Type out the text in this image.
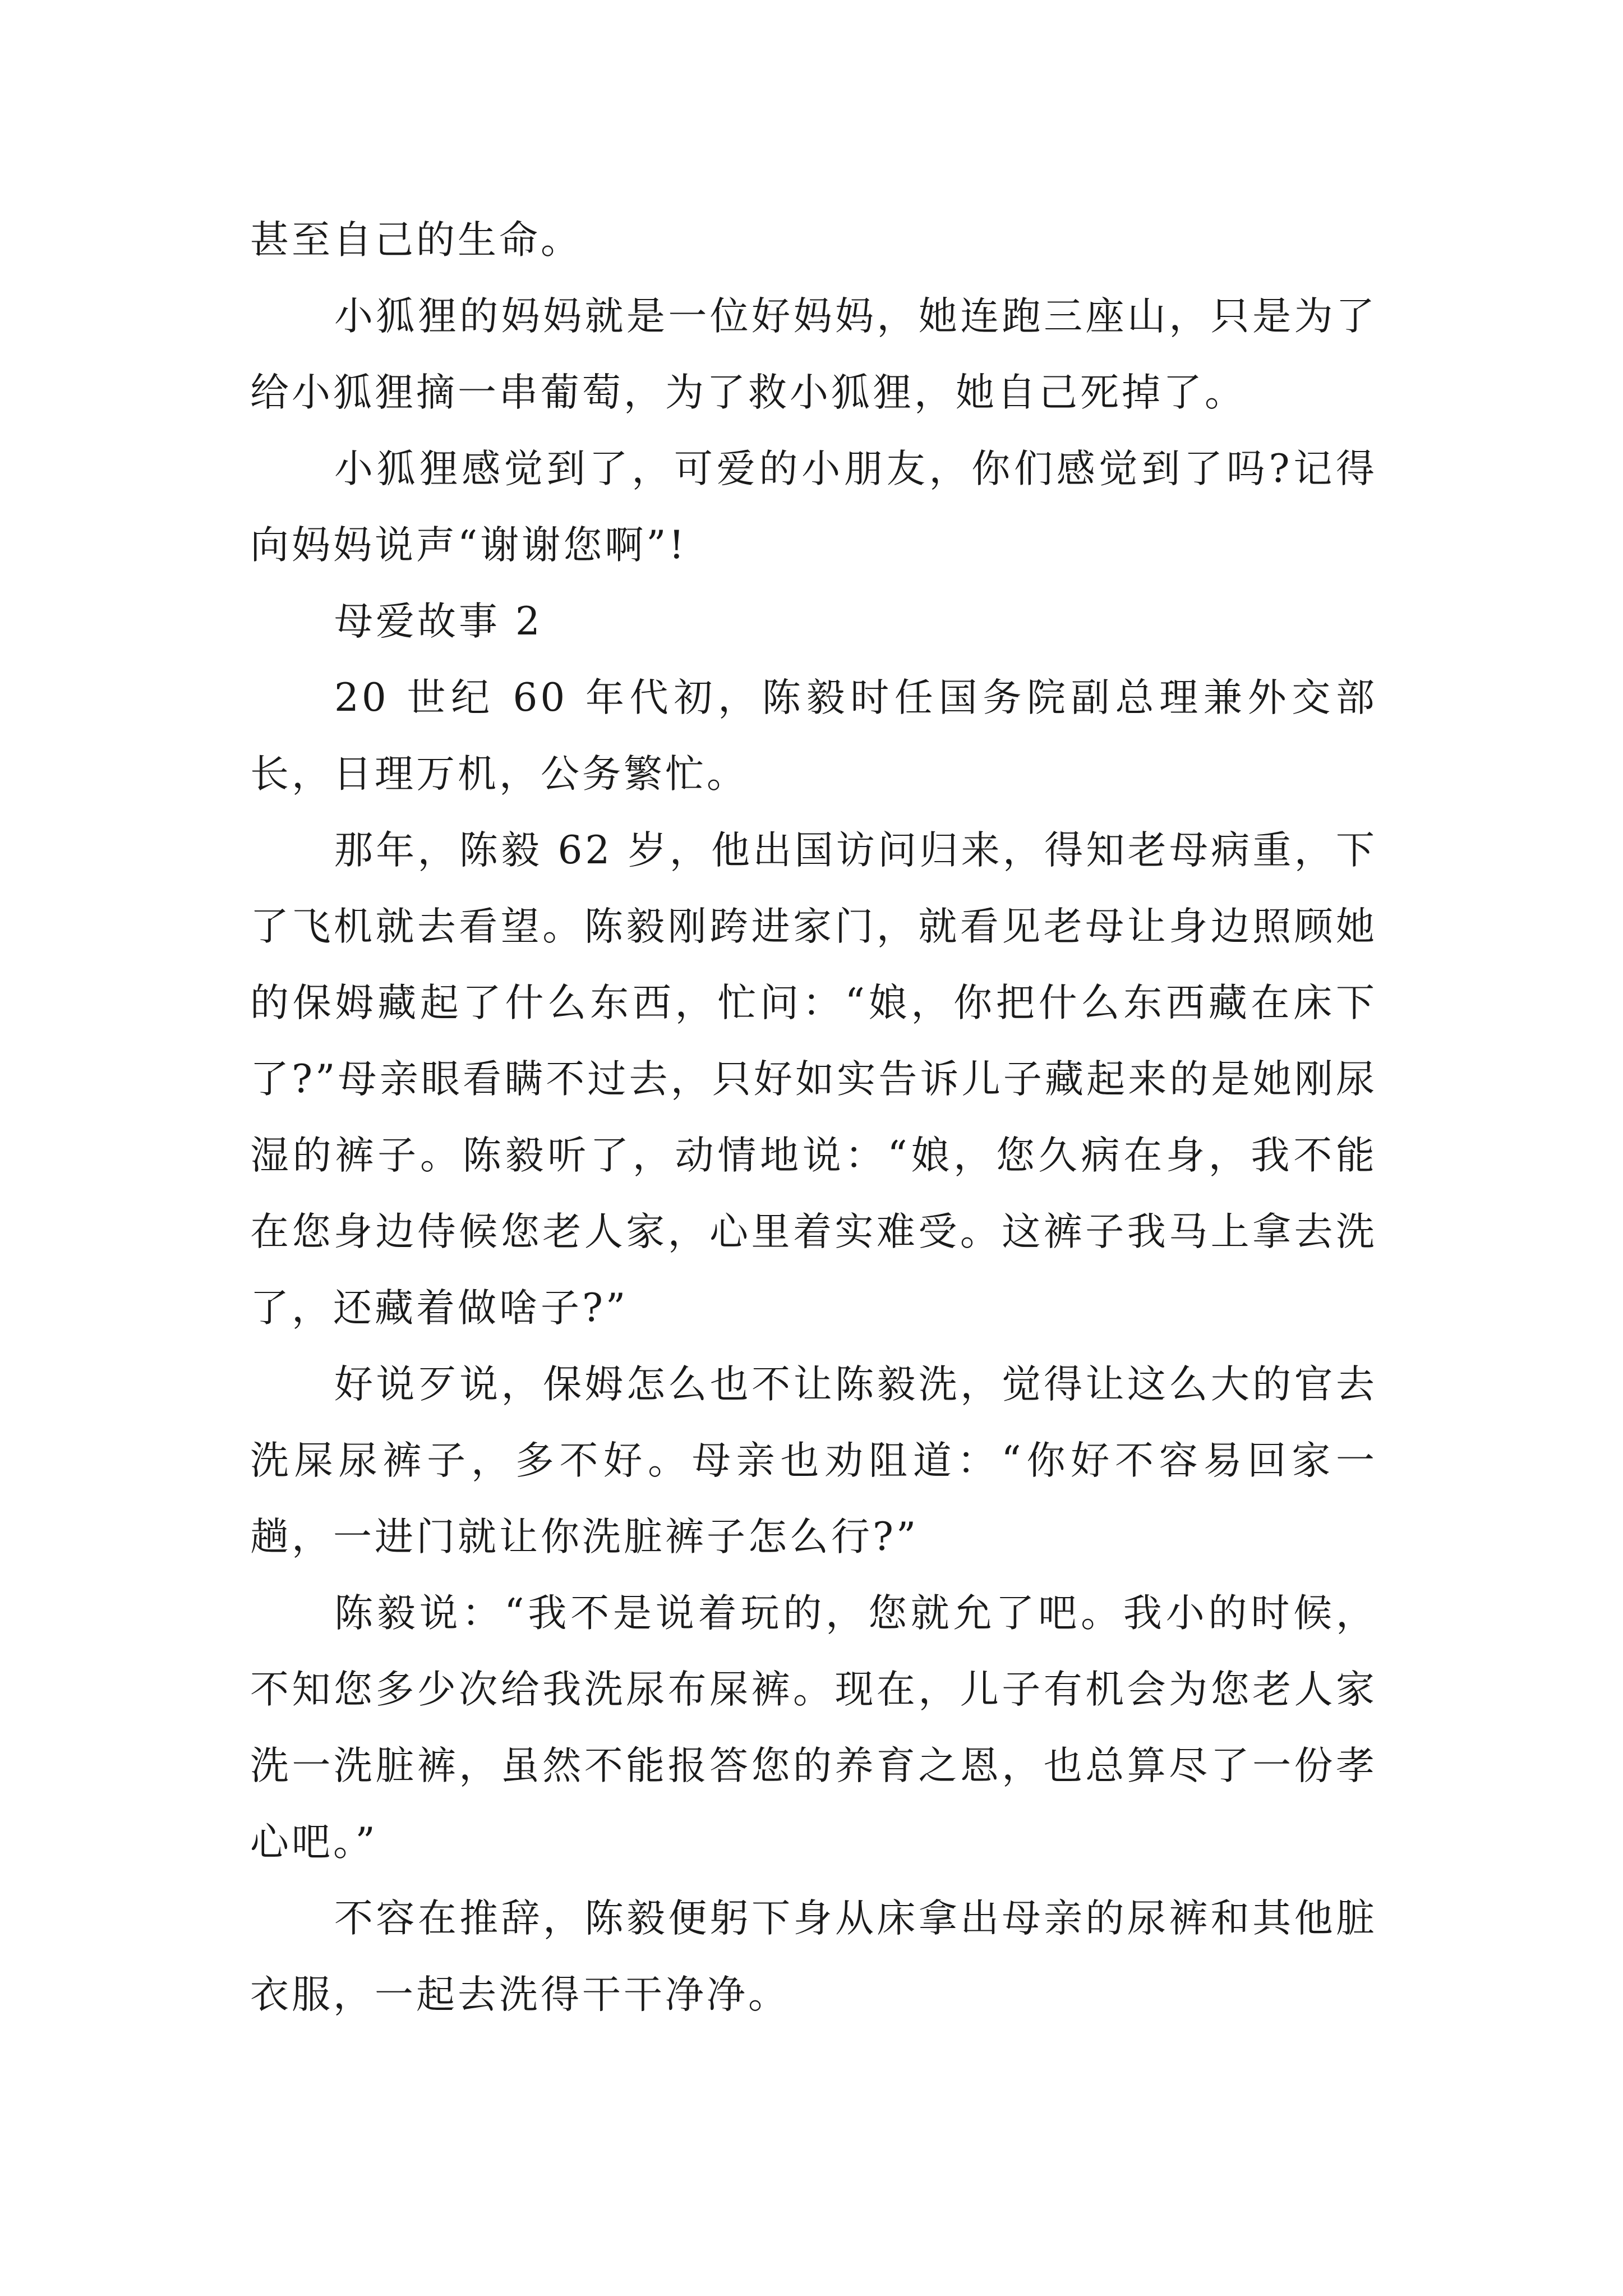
甚至自己的生命。

小狐狸的妈妈就是一位好妈妈，她连跑三座山，只是为了给小狐狸摘一串葡萄，为了救小狐狸，她自己死掉了。

小狐狸感觉到了，可爱的小朋友，你们感觉到了吗?记得向妈妈说声“谢谢您啊”!

母爱故事 2

20 世纪 60 年代初，陈毅时任国务院副总理兼外交部长，日理万机，公务繁忙。

那年，陈毅 62 岁，他出国访问归来，得知老母病重，下了飞机就去看望。陈毅刚跨进家门，就看见老母让身边照顾她的保姆藏起了什么东西，忙问：“娘，你把什么东西藏在床下了?”母亲眼看瞒不过去，只好如实告诉儿子藏起来的是她刚尿湿的裤子。陈毅听了，动情地说：“娘，您久病在身，我不能在您身边侍候您老人家，心里着实难受。这裤子我马上拿去洗了，还藏着做啥子?”

好说歹说，保姆怎么也不让陈毅洗，觉得让这么大的官去洗屎尿裤子，多不好。母亲也劝阻道：“你好不容易回家一趟，一进门就让你洗脏裤子怎么行?”

陈毅说：“我不是说着玩的，您就允了吧。我小的时候，不知您多少次给我洗尿布屎裤。现在，儿子有机会为您老人家洗一洗脏裤，虽然不能报答您的养育之恩，也总算尽了一份孝心吧。”

不容在推辞，陈毅便躬下身从床拿出母亲的尿裤和其他脏衣服，一起去洗得干干净净。
